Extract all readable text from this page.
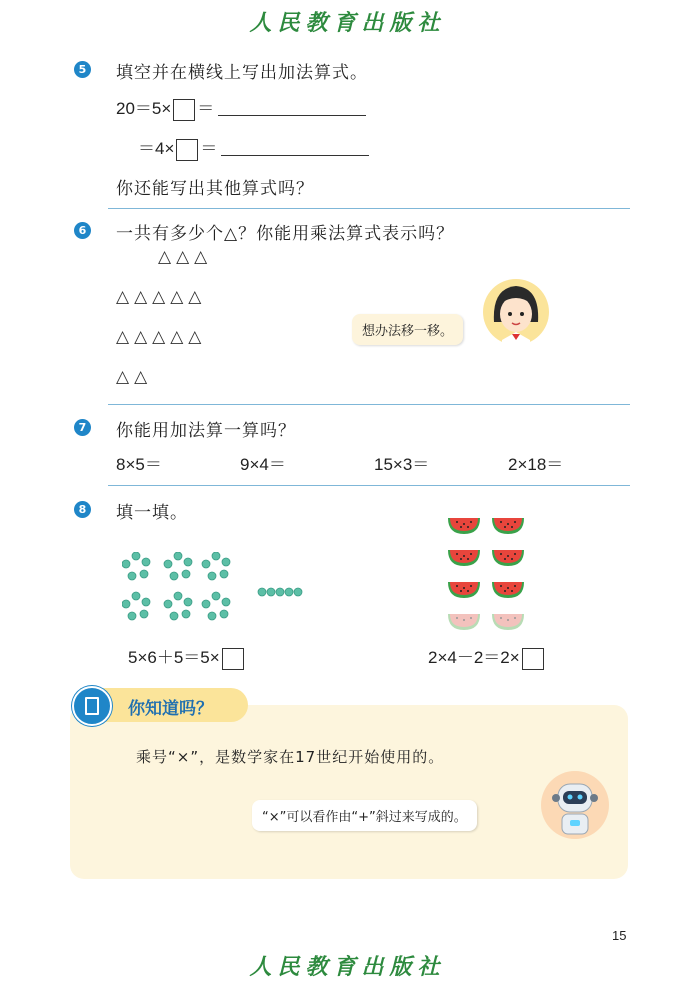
人民教育出版社
5 填空并在横线上写出加法算式。
20＝5× ＝
＝4× ＝
你还能写出其他算式吗？
6 一共有多少个△？你能用乘法算式表示吗？
△△△
△△△△△
△△△△△
△△
想办法移一移。
7 你能用加法算一算吗？
8×5＝	9×4＝	15×3＝	2×18＝
8 填一填。
5×6＋5＝5×	2×4－2＝2×
你知道吗？
乘号“×”，是数学家在17世纪开始使用的。
“×”可以看作由“+”斜过来写成的。
15
人民教育出版社
